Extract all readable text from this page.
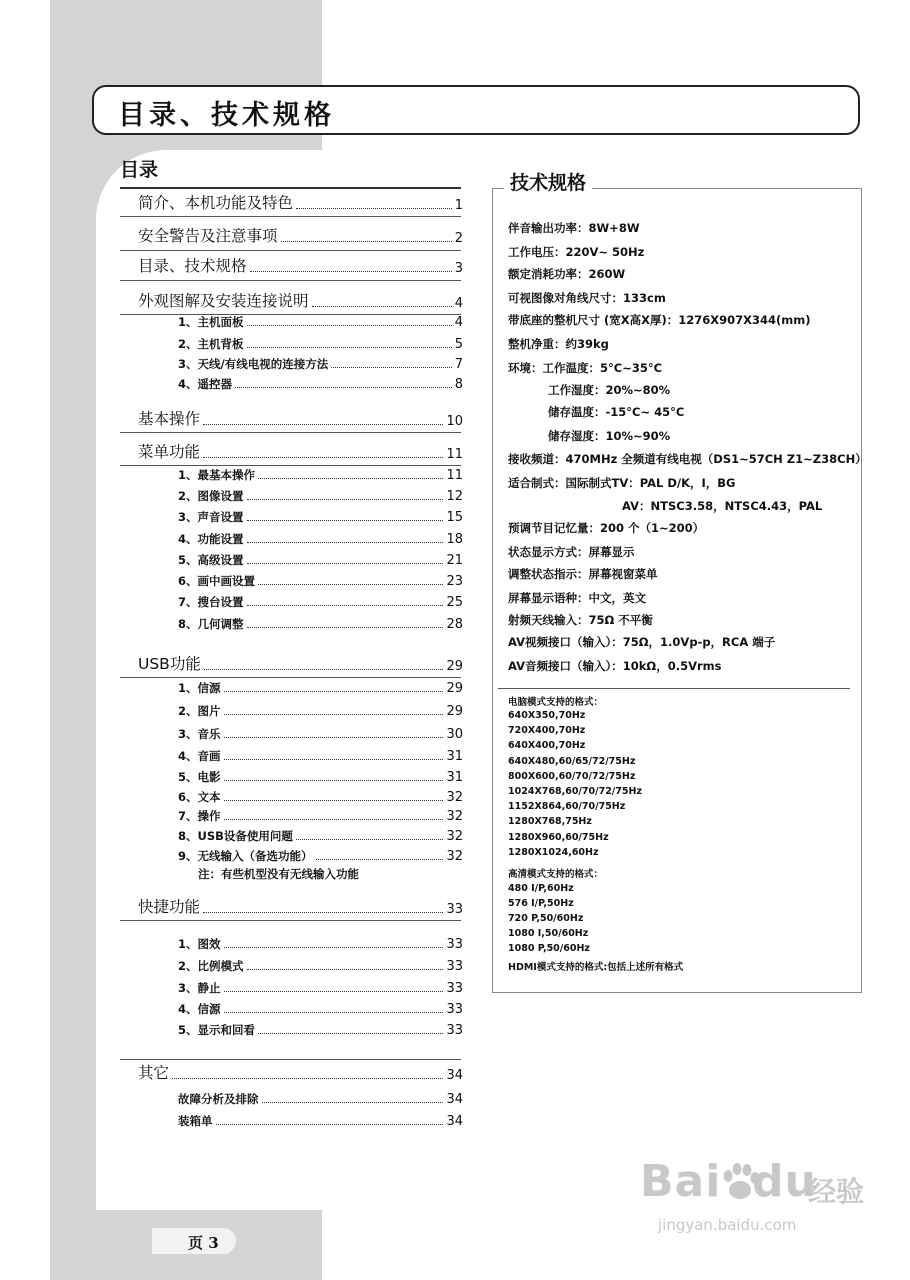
目录、技术规格
目录
简介、本机功能及特色	1
安全警告及注意事项	2
目录、技术规格	3
外观图解及安装连接说明	4
1、主机面板	4
2、主机背板	5
3、天线/有线电视的连接方法	7
4、遥控器	8
基本操作	10
菜单功能	11
1、最基本操作	11
2、图像设置	12
3、声音设置	15
4、功能设置	18
5、高级设置	21
6、画中画设置	23
7、搜台设置	25
8、几何调整	28
USB功能	29
1、信源	29
2、图片	29
3、音乐	30
4、音画	31
5、电影	31
6、文本	32
7、操作	32
8、USB设备使用问题	32
9、无线输入（备选功能）	32
快捷功能	33
1、图效	33
2、比例模式	33
3、静止	33
4、信源	33
5、显示和回看	33
其它	34
故障分析及排除	34
装箱单	34
注：有些机型没有无线输入功能
技术规格
伴音输出功率：8W+8W
工作电压：220V~ 50Hz
额定消耗功率：260W
可视图像对角线尺寸：133cm
带底座的整机尺寸 (宽X高X厚)：1276X907X344(mm)
整机净重：约39kg
环境：工作温度：5°C~35°C
工作湿度：20%~80%
储存温度：-15°C~ 45°C
储存湿度：10%~90%
接收频道：470MHz 全频道有线电视（DS1~57CH Z1~Z38CH）
适合制式：国际制式TV：PAL D/K，I，BG
AV：NTSC3.58，NTSC4.43，PAL
预调节目记忆量：200 个（1~200）
状态显示方式：屏幕显示
调整状态指示：屏幕视窗菜单
屏幕显示语种：中文，英文
射频天线输入：75Ω 不平衡
AV视频接口（输入）：75Ω，1.0Vp-p，RCA 端子
AV音频接口（输入）：10kΩ，0.5Vrms
电脑模式支持的格式：
640X350,70Hz
720X400,70Hz
640X400,70Hz
640X480,60/65/72/75Hz
800X600,60/70/72/75Hz
1024X768,60/70/72/75Hz
1152X864,60/70/75Hz
1280X768,75Hz
1280X960,60/75Hz
1280X1024,60Hz
高清模式支持的格式：
480 I/P,60Hz
576 I/P,50Hz
720 P,50/60Hz
1080 I,50/60Hz
1080 P,50/60Hz
HDMI模式支持的格式:包括上述所有格式
页 3
Bai du
经验
jingyan.baidu.com
